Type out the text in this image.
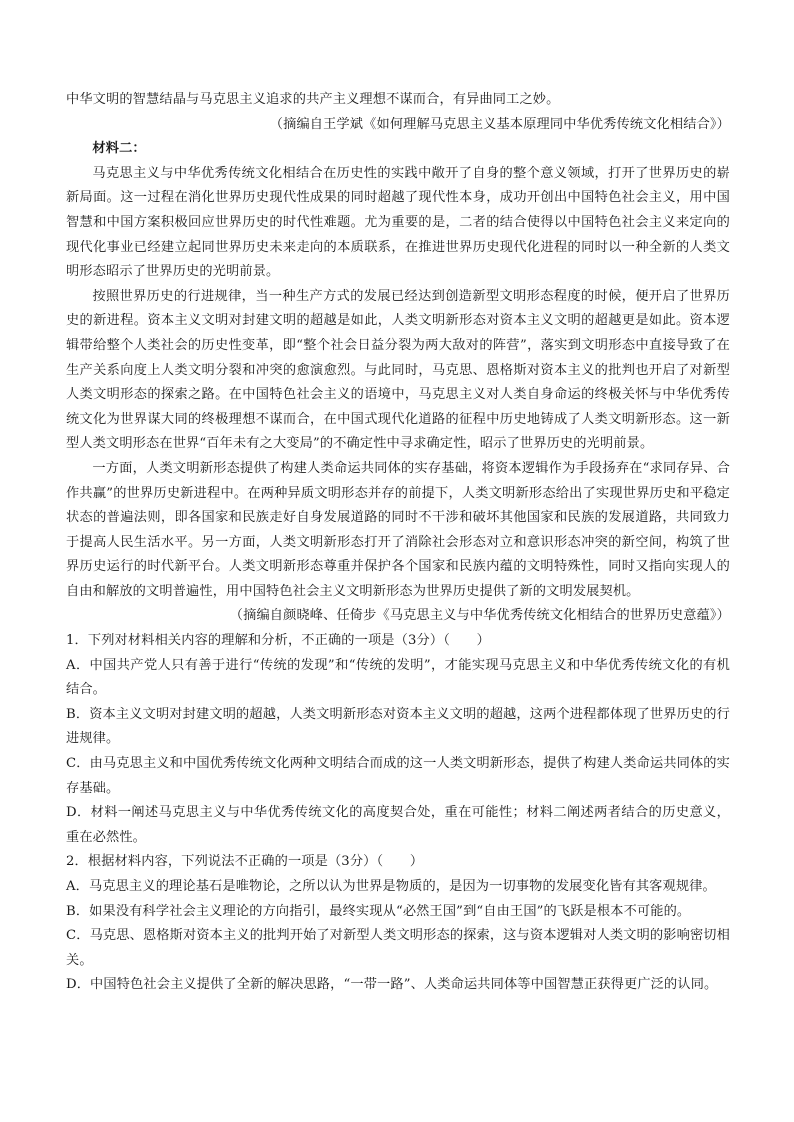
中华文明的智慧结晶与马克思主义追求的共产主义理想不谋而合，有异曲同工之妙。

（摘编自王学斌《如何理解马克思主义基本原理同中华优秀传统文化相结合》）

材料二：

马克思主义与中华优秀传统文化相结合在历史性的实践中敞开了自身的整个意义领域，打开了世界历史的崭新局面。这一过程在消化世界历史现代性成果的同时超越了现代性本身，成功开创出中国特色社会主义，用中国智慧和中国方案积极回应世界历史的时代性难题。尤为重要的是，二者的结合使得以中国特色社会主义来定向的现代化事业已经建立起同世界历史未来走向的本质联系，在推进世界历史现代化进程的同时以一种全新的人类文明形态昭示了世界历史的光明前景。

按照世界历史的行进规律，当一种生产方式的发展已经达到创造新型文明形态程度的时候，便开启了世界历史的新进程。资本主义文明对封建文明的超越是如此，人类文明新形态对资本主义文明的超越更是如此。资本逻辑带给整个人类社会的历史性变革，即“整个社会日益分裂为两大敌对的阵营”，落实到文明形态中直接导致了在生产关系向度上人类文明分裂和冲突的愈演愈烈。与此同时，马克思、恩格斯对资本主义的批判也开启了对新型人类文明形态的探索之路。在中国特色社会主义的语境中，马克思主义对人类自身命运的终极关怀与中华优秀传统文化为世界谋大同的终极理想不谋而合，在中国式现代化道路的征程中历史地铸成了人类文明新形态。这一新型人类文明形态在世界“百年未有之大变局”的不确定性中寻求确定性，昭示了世界历史的光明前景。

一方面，人类文明新形态提供了构建人类命运共同体的实存基础，将资本逻辑作为手段扬弃在“求同存异、合作共赢”的世界历史新进程中。在两种异质文明形态并存的前提下，人类文明新形态给出了实现世界历史和平稳定状态的普遍法则，即各国家和民族走好自身发展道路的同时不干涉和破坏其他国家和民族的发展道路，共同致力于提高人民生活水平。另一方面，人类文明新形态打开了消除社会形态对立和意识形态冲突的新空间，构筑了世界历史运行的时代新平台。人类文明新形态尊重并保护各个国家和民族内蕴的文明特殊性，同时又指向实现人的自由和解放的文明普遍性，用中国特色社会主义文明新形态为世界历史提供了新的文明发展契机。

（摘编自颜晓峰、任倚步《马克思主义与中华优秀传统文化相结合的世界历史意蕴》）

1．下列对材料相关内容的理解和分析，不正确的一项是（3分）（　　）

A．中国共产党人只有善于进行“传统的发现”和“传统的发明”，才能实现马克思主义和中华优秀传统文化的有机结合。

B．资本主义文明对封建文明的超越，人类文明新形态对资本主义文明的超越，这两个进程都体现了世界历史的行进规律。

C．由马克思主义和中国优秀传统文化两种文明结合而成的这一人类文明新形态，提供了构建人类命运共同体的实存基础。

D．材料一阐述马克思主义与中华优秀传统文化的高度契合处，重在可能性；材料二阐述两者结合的历史意义，重在必然性。

2．根据材料内容，下列说法不正确的一项是（3分）（　　）

A．马克思主义的理论基石是唯物论，之所以认为世界是物质的，是因为一切事物的发展变化皆有其客观规律。

B．如果没有科学社会主义理论的方向指引，最终实现从“必然王国”到“自由王国”的飞跃是根本不可能的。

C．马克思、恩格斯对资本主义的批判开始了对新型人类文明形态的探索，这与资本逻辑对人类文明的影响密切相关。

D．中国特色社会主义提供了全新的解决思路，“一带一路”、人类命运共同体等中国智慧正获得更广泛的认同。
